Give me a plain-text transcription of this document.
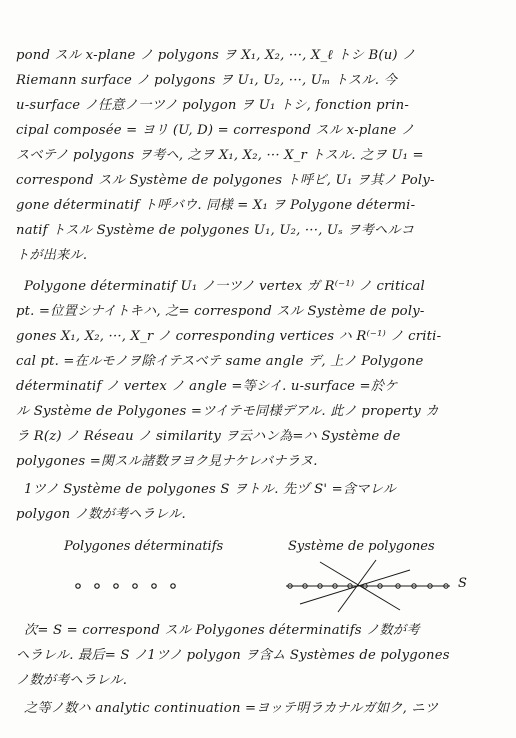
pond スル x-plane ノ polygons ヲ X₁, X₂, ···, X_ℓ トシ B(u) ノ
Riemann surface ノ polygons ヲ U₁, U₂, ···, Uₘ トスル. 今
u-surface ノ任意ノ一ツノ polygon ヲ U₁ トシ, fonction prin-
cipal composée = ヨリ (U, D) = correspond スル x-plane ノ
スベテノ polygons ヲ考ヘ, 之ヲ X₁, X₂, ··· X_r トスル. 之ヲ U₁ =
correspond スル Système de polygones ト呼ビ, U₁ ヲ其ノ Poly-
gone déterminatif ト呼バウ. 同様 = X₁ ヲ Polygone détermi-
natif トスル Système de polygones U₁, U₂, ···, Uₛ ヲ考ヘルコ
トが出来ル.
Polygone déterminatif U₁ ノ一ツノ vertex ガ R⁽⁻¹⁾ ノ critical
pt. =位置シナイトキハ, 之= correspond スル Système de poly-
gones X₁, X₂, ···, X_r ノ corresponding vertices ハ R⁽⁻¹⁾ ノ criti-
cal pt. =在ルモノヲ除イテスベテ same angle デ, 上ノ Polygone
déterminatif ノ vertex ノ angle =等シイ. u-surface =於ケ
ル Système de Polygones =ツイテモ同様デアル. 此ノ property カ
ラ R(z) ノ Réseau ノ similarity ヲ云ハン為=ハ Système de
polygones =関スル諸数ヲヨク見ナケレバナラヌ.
1ツノ Système de polygones S ヲトル. 先ヅ S' =含マレル
polygon ノ数が考ヘラレル.
Polygones déterminatifs	Système de polygones
S
次= S = correspond スル Polygones déterminatifs ノ数が考
ヘラレル. 最后= S ノ1ツノ polygon ヲ含ム Systèmes de polygones
ノ数が考ヘラレル.
之等ノ数ハ analytic continuation =ヨッテ明ラカナルガ如ク, ニツ
